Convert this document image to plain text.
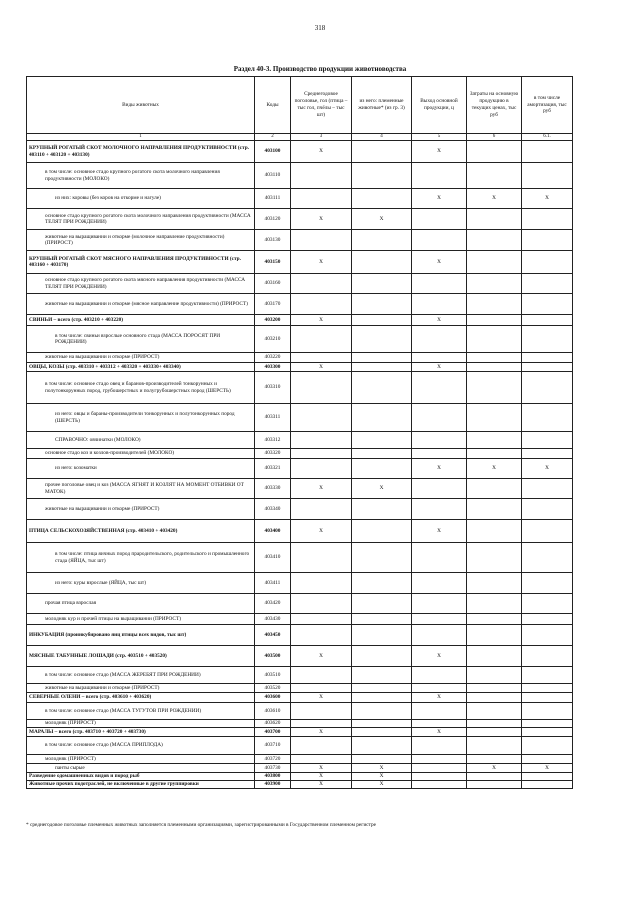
318
Раздел 40-3. Производство продукции животноводства
Виды животных	Коды	Среднегодовое поголовье, гол (птица – тыс гол, пчёлы – тыс шт)	из него: племенные животные* (из гр. 3)	Выход основной продукции, ц	Затраты на основную продукцию в текущих ценах, тыс руб	в том числе амортизация, тыс руб
1	2	3	4	5	6	6.1.
КРУПНЫЙ РОГАТЫЙ СКОТ МОЛОЧНОГО НАПРАВЛЕНИЯ ПРОДУКТИВНОСТИ (стр. 403110 + 403120 + 403130)	403100	X		X		
в том числе: основное стадо крупного рогатого скота молочного направления продуктивности (МОЛОКО)	403110					
из них: коровы (без коров на откорме и нагуле)	403111			X	X	X
основное стадо крупного рогатого скота молочного направления продуктивности (МАССА ТЕЛЯТ ПРИ РОЖДЕНИИ)	403120	X	X			
животные на выращивании и откорме (молочное направление продуктивности) (ПРИРОСТ)	403130					
КРУПНЫЙ РОГАТЫЙ СКОТ МЯСНОГО НАПРАВЛЕНИЯ ПРОДУКТИВНОСТИ (стр. 403160 + 403170)	403150	X		X		
основное стадо крупного рогатого скота мясного направления продуктивности (МАССА ТЕЛЯТ ПРИ РОЖДЕНИИ)	403160					
животные на выращивании и откорме (мясное направление продуктивности) (ПРИРОСТ)	403170					
СВИНЬИ – всего (стр. 403210 + 403220)	403200	X		X		
в том числе: свиньи взрослые основного стада (МАССА ПОРОСЯТ ПРИ РОЖДЕНИИ)	403210					
животные на выращивании и откорме (ПРИРОСТ)	403220					
ОВЦЫ, КОЗЫ (стр. 403310 + 403312 + 403320 + 403330+ 403340)	403300	X		X		
в том числе: основное стадо овец и баранов-производителей тонкорунных и полутонкорунных пород, грубошерстных и полугрубошерстных пород (ШЕРСТЬ)	403310					
из него: овцы и бараны-производители тонкорунных и полутонкорунных пород (ШЕРСТЬ)	403311					
СПРАВОЧНО: овчинатки (МОЛОКО)	403312					
основное стадо коз и козлов-производителей (МОЛОКО)	403320					
из него: козоматки	403321			X	X	X
прочее поголовье овец и коз (МАССА ЯГНЯТ И КОЗЛЯТ НА МОМЕНТ ОТБИВКИ ОТ МАТОК)	403330	X	X			
животные на выращивании и откорме (ПРИРОСТ)	403340					
ПТИЦА СЕЛЬСКОХОЗЯЙСТВЕННАЯ (стр. 403410 + 403420)	403400	X		X		
в том числе: птица яичных пород прародительского, родительского и промышленного стада (ЯЙЦА, тыс шт)	403410					
из него: куры взрослые (ЯЙЦА, тыс шт)	403411					
прочая птица взрослая	403420					
молодняк кур и прочей птицы на выращивании (ПРИРОСТ)	403430					
ИНКУБАЦИЯ (проинкубировано яиц птицы всех видов, тыс шт)	403450					
МЯСНЫЕ ТАБУННЫЕ ЛОШАДИ (стр. 403510 + 403520)	403500	X		X		
в том числе: основное стадо (МАССА ЖЕРЕБЯТ ПРИ РОЖДЕНИИ)	403510					
животные на выращивании и откорме (ПРИРОСТ)	403520					
СЕВЕРНЫЕ ОЛЕНИ – всего (стр. 403610 + 403620)	403600	X		X		
в том числе: основное стадо (МАССА ТУГУТОВ ПРИ РОЖДЕНИИ)	403610					
молодняк (ПРИРОСТ)	403620					
МАРАЛЫ – всего (стр. 403710 + 403720 + 403730)	403700	X		X		
в том числе: основное стадо (МАССА ПРИПЛОДА)	403710					
молодняк (ПРИРОСТ)	403720					
панты сырые	403730	X	X		X	X
Разведение одомашненных видов и пород рыб	403800	X	X			
Животные прочих подотраслей, не включенные в другие группировки	403900	X	X			
* среднегодовое поголовье племенных животных заполняется племенными организациями, зарегистрированными в Государственном племенном регистре
